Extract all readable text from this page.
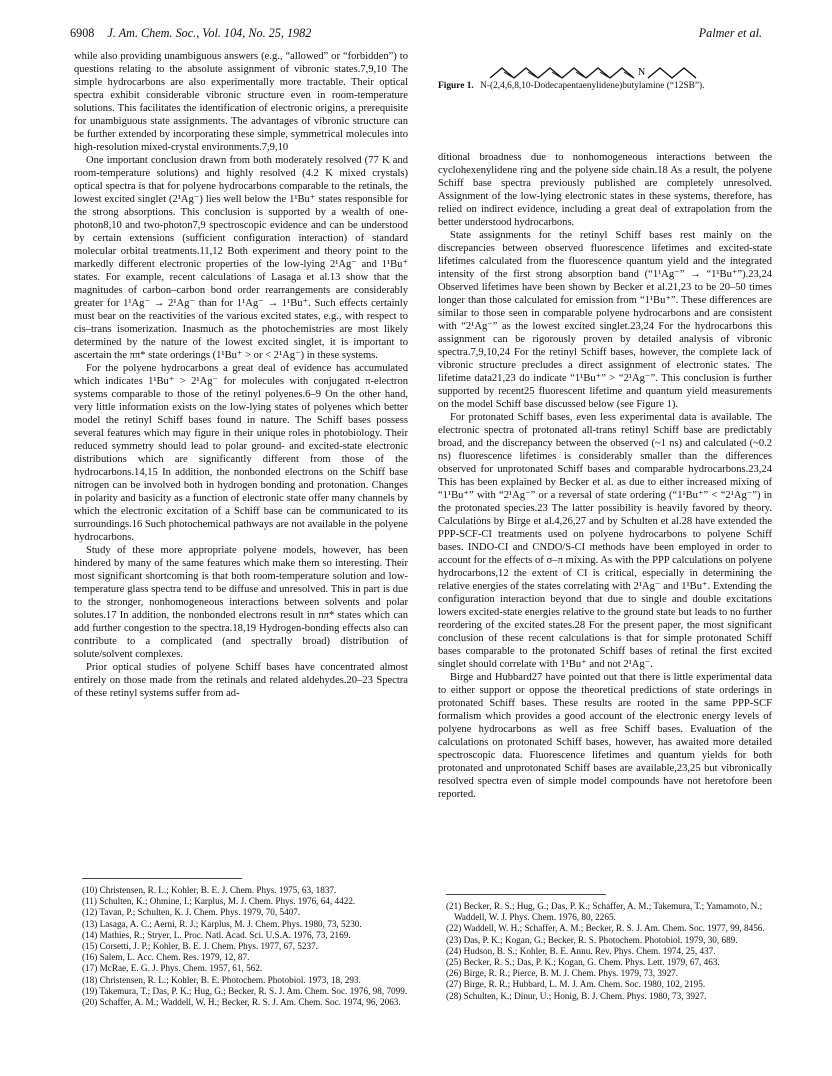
6908 J. Am. Chem. Soc., Vol. 104, No. 25, 1982	Palmer et al.

while also providing unambiguous answers (e.g., “allowed” or “forbidden”) to questions relating to the absolute assignment of vibronic states.7,9,10 The simple hydrocarbons are also experimentally more tractable. Their optical spectra exhibit considerable vibronic structure even in room-temperature solutions. This facilitates the identification of electronic origins, a prerequisite for unambiguous state assignments. The advantages of vibronic structure can be further extended by incorporating these simple, symmetrical molecules into high-resolution mixed-crystal environments.7,9,10

One important conclusion drawn from both moderately resolved (77 K and room-temperature solutions) and highly resolved (4.2 K mixed crystals) optical spectra is that for polyene hydrocarbons comparable to the retinals, the lowest excited singlet (2¹Ag⁻) lies well below the 1¹Bu⁺ states responsible for the strong absorptions. This conclusion is supported by a wealth of one-photon8,10 and two-photon7,9 spectroscopic evidence and can be understood by certain extensions (sufficient configuration interaction) of standard molecular orbital treatments.11,12 Both experiment and theory point to the markedly different electronic properties of the low-lying 2¹Ag⁻ and 1¹Bu⁺ states. For example, recent calculations of Lasaga et al.13 show that the magnitudes of carbon–carbon bond order rearrangements are considerably greater for 1¹Ag⁻ → 2¹Ag⁻ than for 1¹Ag⁻ → 1¹Bu⁺. Such effects certainly must bear on the reactivities of the various excited states, e.g., with respect to cis–trans isomerization. Inasmuch as the photochemistries are most likely determined by the nature of the lowest excited singlet, it is important to ascertain the ππ* state orderings (1¹Bu⁺ > or < 2¹Ag⁻) in these systems.

For the polyene hydrocarbons a great deal of evidence has accumulated which indicates 1¹Bu⁺ > 2¹Ag⁻ for molecules with conjugated π-electron systems comparable to those of the retinyl polyenes.6–9 On the other hand, very little information exists on the low-lying states of polyenes which better model the retinyl Schiff bases found in nature. The Schiff bases possess several features which may figure in their unique roles in photobiology. Their reduced symmetry should lead to polar ground- and excited-state electronic distributions which are significantly different from those of the hydrocarbons.14,15 In addition, the nonbonded electrons on the Schiff base nitrogen can be involved both in hydrogen bonding and protonation. Changes in polarity and basicity as a function of electronic state offer many channels by which the electronic excitation of a Schiff base can be communicated to its surroundings.16 Such photochemical pathways are not available in the polyene hydrocarbons.

Study of these more appropriate polyene models, however, has been hindered by many of the same features which make them so interesting. Their most significant shortcoming is that both room-temperature solution and low-temperature glass spectra tend to be diffuse and unresolved. This in part is due to the stronger, nonhomogeneous interactions between solvents and polar solutes.17 In addition, the nonbonded electrons result in nπ* states which can add further congestion to the spectra.18,19 Hydrogen-bonding effects also can contribute to a complicated (and spectrally broad) distribution of solute/solvent complexes.

Prior optical studies of polyene Schiff bases have concentrated almost entirely on those made from the retinals and related aldehydes.20–23 Spectra of these retinyl systems suffer from ad-

N
Figure 1. N-(2,4,6,8,10-Dodecapentaenylidene)butylamine (“12SB”).

ditional broadness due to nonhomogeneous interactions between the cyclohexenylidene ring and the polyene side chain.18 As a result, the polyene Schiff base spectra previously published are completely unresolved. Assignment of the low-lying electronic states in these systems, therefore, has relied on indirect evidence, including a great deal of extrapolation from the better understood hydrocarbons.

State assignments for the retinyl Schiff bases rest mainly on the discrepancies between observed fluorescence lifetimes and excited-state lifetimes calculated from the fluorescence quantum yield and the integrated intensity of the first strong absorption band (“1¹Ag⁻” → “1¹Bu⁺”).23,24 Observed lifetimes have been shown by Becker et al.21,23 to be 20–50 times longer than those calculated for emission from “1¹Bu⁺”. These differences are similar to those seen in comparable polyene hydrocarbons and are consistent with “2¹Ag⁻” as the lowest excited singlet.23,24 For the hydrocarbons this assignment can be rigorously proven by detailed analysis of vibronic spectra.7,9,10,24 For the retinyl Schiff bases, however, the complete lack of vibronic structure precludes a direct assignment of electronic states. The lifetime data21,23 do indicate “1¹Bu⁺” > “2¹Ag⁻”. This conclusion is further supported by recent25 fluorescent lifetime and quantum yield measurements on the model Schiff base discussed below (see Figure 1).

For protonated Schiff bases, even less experimental data is available. The electronic spectra of protonated all-trans retinyl Schiff base are predictably broad, and the discrepancy between the observed (~1 ns) and calculated (~0.2 ns) fluorescence lifetimes is considerably smaller than the differences observed for unprotonated Schiff bases and comparable hydrocarbons.23,24 This has been explained by Becker et al. as due to either increased mixing of “1¹Bu⁺” with “2¹Ag⁻” or a reversal of state ordering (“1¹Bu⁺” < “2¹Ag⁻”) in the protonated species.23 The latter possibility is heavily favored by theory. Calculations by Birge et al.4,26,27 and by Schulten et al.28 have extended the PPP-SCF-CI treatments used on polyene hydrocarbons to polyene Schiff bases. INDO-CI and CNDO/S-CI methods have been employed in order to account for the effects of σ–π mixing. As with the PPP calculations on polyene hydrocarbons,12 the extent of CI is critical, especially in determining the relative energies of the states correlating with 2¹Ag⁻ and 1¹Bu⁺. Extending the configuration interaction beyond that due to single and double excitations lowers excited-state energies relative to the ground state but leads to no further reordering of the excited states.28 For the present paper, the most significant conclusion of these recent calculations is that for simple protonated Schiff bases comparable to the protonated Schiff bases of retinal the first excited singlet should correlate with 1¹Bu⁺ and not 2¹Ag⁻.

Birge and Hubbard27 have pointed out that there is little experimental data to either support or oppose the theoretical predictions of state orderings in protonated Schiff bases. These results are rooted in the same PPP-SCF formalism which provides a good account of the electronic energy levels of polyene hydrocarbons as well as free Schiff bases. Evaluation of the calculations on protonated Schiff bases, however, has awaited more detailed spectroscopic data. Fluorescence lifetimes and quantum yields for both protonated and unprotonated Schiff bases are available,23,25 but vibronically resolved spectra even of simple model compounds have not heretofore been reported.

(10) Christensen, R. L.; Kohler, B. E. J. Chem. Phys. 1975, 63, 1837.

(11) Schulten, K.; Ohmine, I.; Karplus, M. J. Chem. Phys. 1976, 64, 4422.

(12) Tavan, P.; Schulten, K. J. Chem. Phys. 1979, 70, 5407.

(13) Lasaga, A. C.; Aerni, R. J.; Karplus, M. J. Chem. Phys. 1980, 73, 5230.

(14) Mathies, R.; Stryer, L. Proc. Natl. Acad. Sci. U.S.A. 1976, 73, 2169.

(15) Corsetti, J. P.; Kohler, B. E. J. Chem. Phys. 1977, 67, 5237.

(16) Salem, L. Acc. Chem. Res. 1979, 12, 87.

(17) McRae, E. G. J. Phys. Chem. 1957, 61, 562.

(18) Christensen, R. L.; Kohler, B. E. Photochem. Photobiol. 1973, 18, 293.

(19) Takemura, T.; Das, P. K.; Hug, G.; Becker, R. S. J. Am. Chem. Soc. 1976, 98, 7099.

(20) Schaffer, A. M.; Waddell, W. H.; Becker, R. S. J. Am. Chem. Soc. 1974, 96, 2063.

(21) Becker, R. S.; Hug, G.; Das, P. K.; Schaffer, A. M.; Takemura, T.; Yamamoto, N.; Waddell, W. J. Phys. Chem. 1976, 80, 2265.

(22) Waddell, W. H.; Schaffer, A. M.; Becker, R. S. J. Am. Chem. Soc. 1977, 99, 8456.

(23) Das, P. K.; Kogan, G.; Becker, R. S. Photochem. Photobiol. 1979, 30, 689.

(24) Hudson, B. S.; Kohler, B. E. Annu. Rev. Phys. Chem. 1974, 25, 437.

(25) Becker, R. S.; Das, P. K.; Kogan, G. Chem. Phys. Lett. 1979, 67, 463.

(26) Birge, R. R.; Pierce, B. M. J. Chem. Phys. 1979, 73, 3927.

(27) Birge, R. R.; Hubbard, L. M. J. Am. Chem. Soc. 1980, 102, 2195.

(28) Schulten, K.; Dinur, U.; Honig, B. J. Chem. Phys. 1980, 73, 3927.
